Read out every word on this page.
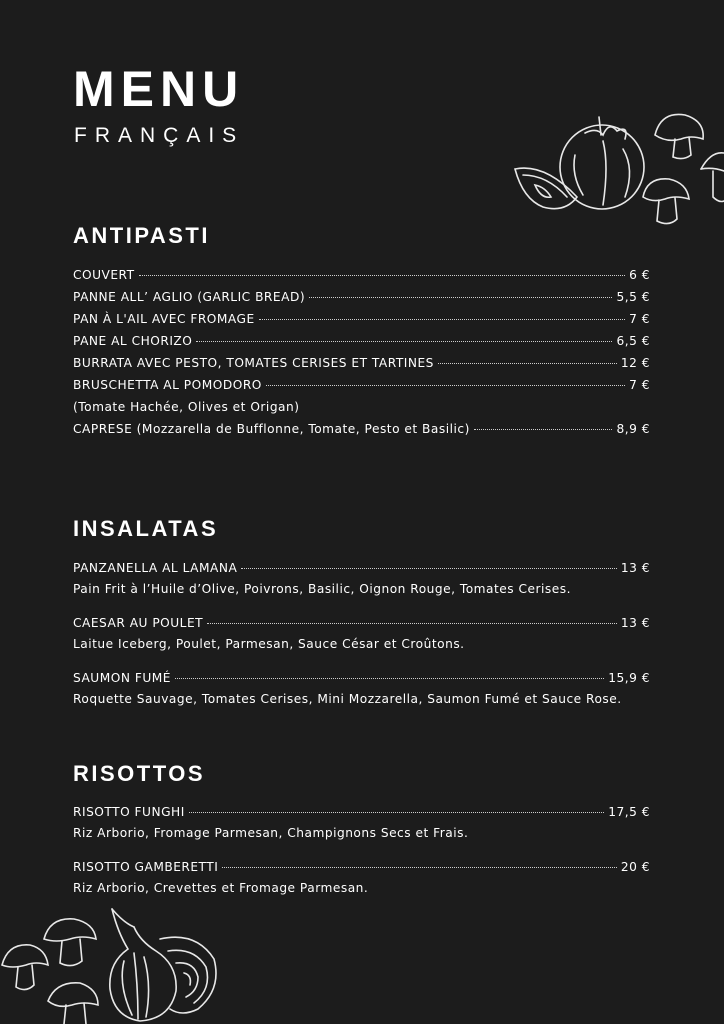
MENU
FRANÇAIS
ANTIPASTI
COUVERT	6 €
PANNE ALL’ AGLIO (GARLIC BREAD)	5,5 €
PAN À L'AIL AVEC FROMAGE	7 €
PANE AL CHORIZO	6,5 €
BURRATA AVEC PESTO, TOMATES CERISES ET TARTINES	12 €
BRUSCHETTA AL POMODORO	7 €
(Tomate Hachée, Olives et Origan)
CAPRESE (Mozzarella de Bufflonne, Tomate, Pesto et Basilic)	8,9 €
INSALATAS
PANZANELLA AL LAMANA	13 €
Pain Frit à l’Huile d’Olive, Poivrons, Basilic, Oignon Rouge, Tomates Cerises.
CAESAR AU POULET	13 €
Laitue Iceberg, Poulet, Parmesan, Sauce César et Croûtons.
SAUMON FUMÉ	15,9 €
Roquette Sauvage, Tomates Cerises, Mini Mozzarella, Saumon Fumé et Sauce Rose.
RISOTTOS
RISOTTO FUNGHI	17,5 €
Riz Arborio, Fromage Parmesan, Champignons Secs et Frais.
RISOTTO GAMBERETTI	20 €
Riz Arborio, Crevettes et Fromage Parmesan.
